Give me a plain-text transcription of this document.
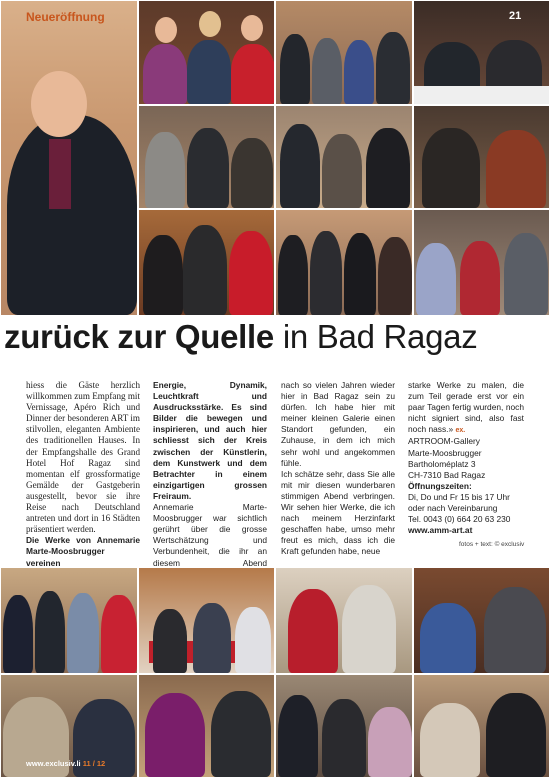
Neueröffnung	21
zurück zur Quelle in Bad Ragaz

hiess die Gäste herzlich willkommen zum Empfang mit Vernissage, Apéro Rich und Dinner der besonderen ART im stilvollen, eleganten Ambiente des traditionellen Hauses. In der Empfangshalle des Grand Hotel Hof Ragaz sind momentan elf grossformatige Gemälde der Gastgeberin ausgestellt, bevor sie ihre Reise nach Deutschland antreten und dort in 16 Städten präsentiert werden.

Die Werke von Annemarie Marte-Moosbrugger vereinen

Energie, Dynamik, Leuchtkraft und Ausdrucksstärke. Es sind Bilder die bewegen und inspirieren, und auch hier schliesst sich der Kreis zwischen der Künstlerin, dem Kunstwerk und dem Betrachter in einem einzigartigen grossen Freiraum.

Annemarie Marte-Moosbrugger war sichtlich gerührt über die grosse Wertschätzung und Verbundenheit, die ihr an diesem Abend

nach so vielen Jahren wieder hier in Bad Ragaz sein zu dürfen. Ich habe hier mit meiner kleinen Galerie einen Standort gefunden, ein Zuhause, in dem ich mich sehr wohl und angekommen fühle.

Ich schätze sehr, dass Sie alle mit mir diesen wunderbaren stimmigen Abend verbringen. Wir sehen hier Werke, die ich nach meinem Herzinfarkt geschaffen habe, umso mehr freut es mich, dass ich die Kraft gefunden habe, neue

starke Werke zu malen, die zum Teil gerade erst vor ein paar Tagen fertig wurden, noch nicht signiert sind, also fast noch nass.» ex.

ARTROOM-Gallery

Marte-Moosbrugger

Bartholoméplatz 3

CH-7310 Bad Ragaz

Öffnungszeiten:

Di, Do und Fr 15 bis 17 Uhr

oder nach Vereinbarung

Tel. 0043 (0) 664 20 63 230

www.amm-art.at

fotos + text: © exclusiv
www.exclusiv.li 11 / 12
